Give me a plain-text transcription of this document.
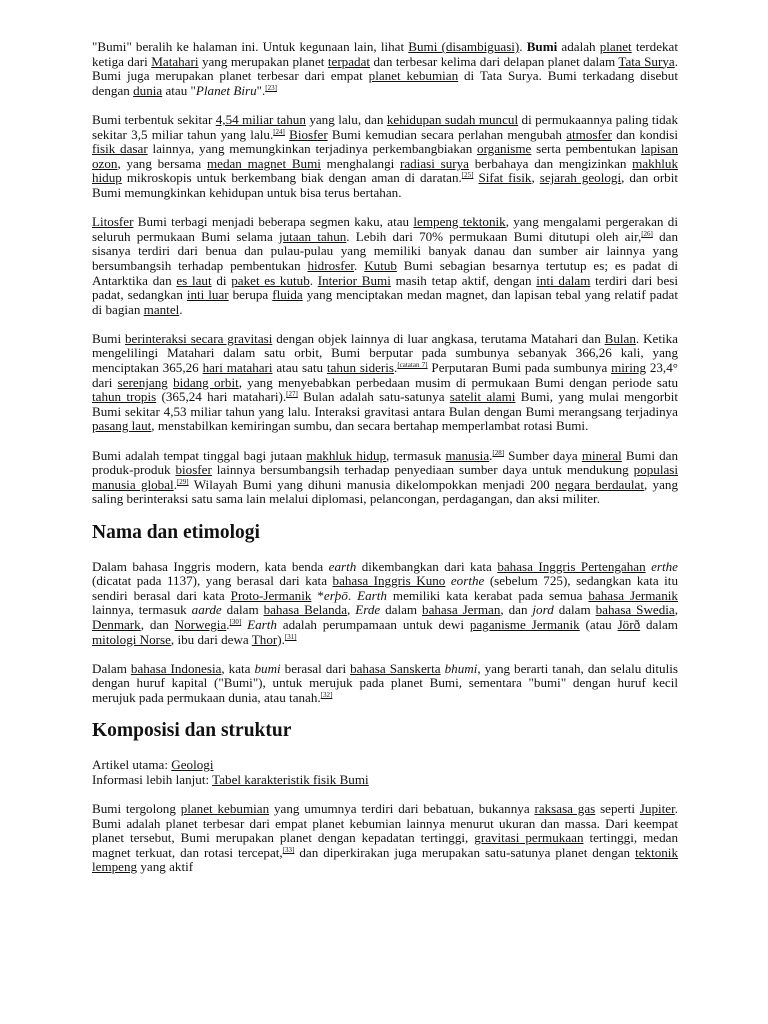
"Bumi" beralih ke halaman ini. Untuk kegunaan lain, lihat Bumi (disambiguasi). Bumi adalah planet terdekat ketiga dari Matahari yang merupakan planet terpadat dan terbesar kelima dari delapan planet dalam Tata Surya. Bumi juga merupakan planet terbesar dari empat planet kebumian di Tata Surya. Bumi terkadang disebut dengan dunia atau "Planet Biru".[23]

Bumi terbentuk sekitar 4,54 miliar tahun yang lalu, dan kehidupan sudah muncul di permukaannya paling tidak sekitar 3,5 miliar tahun yang lalu.[24] Biosfer Bumi kemudian secara perlahan mengubah atmosfer dan kondisi fisik dasar lainnya, yang memungkinkan terjadinya perkembangbiakan organisme serta pembentukan lapisan ozon, yang bersama medan magnet Bumi menghalangi radiasi surya berbahaya dan mengizinkan makhluk hidup mikroskopis untuk berkembang biak dengan aman di daratan.[25] Sifat fisik, sejarah geologi, dan orbit Bumi memungkinkan kehidupan untuk bisa terus bertahan.

Litosfer Bumi terbagi menjadi beberapa segmen kaku, atau lempeng tektonik, yang mengalami pergerakan di seluruh permukaan Bumi selama jutaan tahun. Lebih dari 70% permukaan Bumi ditutupi oleh air,[26] dan sisanya terdiri dari benua dan pulau-pulau yang memiliki banyak danau dan sumber air lainnya yang bersumbangsih terhadap pembentukan hidrosfer. Kutub Bumi sebagian besarnya tertutup es; es padat di Antarktika dan es laut di paket es kutub. Interior Bumi masih tetap aktif, dengan inti dalam terdiri dari besi padat, sedangkan inti luar berupa fluida yang menciptakan medan magnet, dan lapisan tebal yang relatif padat di bagian mantel.

Bumi berinteraksi secara gravitasi dengan objek lainnya di luar angkasa, terutama Matahari dan Bulan. Ketika mengelilingi Matahari dalam satu orbit, Bumi berputar pada sumbunya sebanyak 366,26 kali, yang menciptakan 365,26 hari matahari atau satu tahun sideris.[catatan 7] Perputaran Bumi pada sumbunya miring 23,4° dari serenjang bidang orbit, yang menyebabkan perbedaan musim di permukaan Bumi dengan periode satu tahun tropis (365,24 hari matahari).[27] Bulan adalah satu-satunya satelit alami Bumi, yang mulai mengorbit Bumi sekitar 4,53 miliar tahun yang lalu. Interaksi gravitasi antara Bulan dengan Bumi merangsang terjadinya pasang laut, menstabilkan kemiringan sumbu, dan secara bertahap memperlambat rotasi Bumi.

Bumi adalah tempat tinggal bagi jutaan makhluk hidup, termasuk manusia.[28] Sumber daya mineral Bumi dan produk-produk biosfer lainnya bersumbangsih terhadap penyediaan sumber daya untuk mendukung populasi manusia global.[29] Wilayah Bumi yang dihuni manusia dikelompokkan menjadi 200 negara berdaulat, yang saling berinteraksi satu sama lain melalui diplomasi, pelancongan, perdagangan, dan aksi militer.

Nama dan etimologi

Dalam bahasa Inggris modern, kata benda earth dikembangkan dari kata bahasa Inggris Pertengahan erthe (dicatat pada 1137), yang berasal dari kata bahasa Inggris Kuno eorthe (sebelum 725), sedangkan kata itu sendiri berasal dari kata Proto-Jermanik *erþō. Earth memiliki kata kerabat pada semua bahasa Jermanik lainnya, termasuk aarde dalam bahasa Belanda, Erde dalam bahasa Jerman, dan jord dalam bahasa Swedia, Denmark, dan Norwegia.[30] Earth adalah perumpamaan untuk dewi paganisme Jermanik (atau Jörð dalam mitologi Norse, ibu dari dewa Thor).[31]

Dalam bahasa Indonesia, kata bumi berasal dari bahasa Sanskerta bhumi, yang berarti tanah, dan selalu ditulis dengan huruf kapital ("Bumi"), untuk merujuk pada planet Bumi, sementara "bumi" dengan huruf kecil merujuk pada permukaan dunia, atau tanah.[32]

Komposisi dan struktur

Artikel utama: Geologi

Informasi lebih lanjut: Tabel karakteristik fisik Bumi

Bumi tergolong planet kebumian yang umumnya terdiri dari bebatuan, bukannya raksasa gas seperti Jupiter. Bumi adalah planet terbesar dari empat planet kebumian lainnya menurut ukuran dan massa. Dari keempat planet tersebut, Bumi merupakan planet dengan kepadatan tertinggi, gravitasi permukaan tertinggi, medan magnet terkuat, dan rotasi tercepat,[33] dan diperkirakan juga merupakan satu-satunya planet dengan tektonik lempeng yang aktif
